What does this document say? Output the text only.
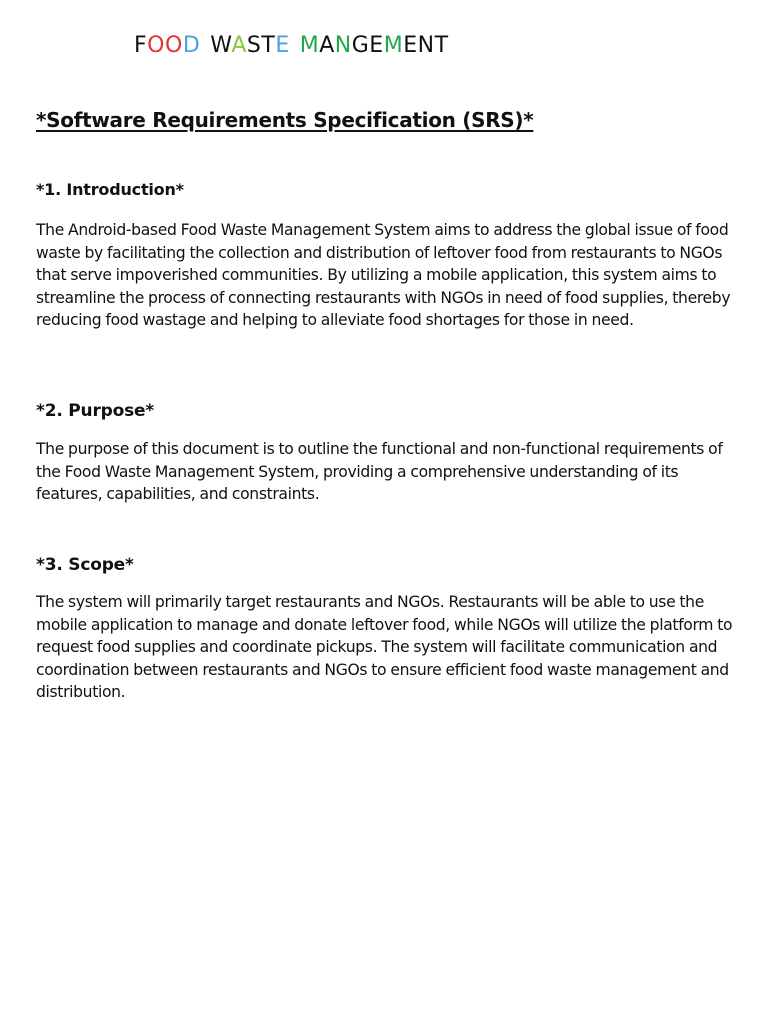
FOOD WASTE MANGEMENT
*Software Requirements Specification (SRS)*
*1. Introduction*

The Android-based Food Waste Management System aims to address the global issue of food waste by facilitating the collection and distribution of leftover food from restaurants to NGOs that serve impoverished communities. By utilizing a mobile application, this system aims to streamline the process of connecting restaurants with NGOs in need of food supplies, thereby reducing food wastage and helping to alleviate food shortages for those in need.

*2. Purpose*

The purpose of this document is to outline the functional and non-functional requirements of the Food Waste Management System, providing a comprehensive understanding of its features, capabilities, and constraints.

*3. Scope*

The system will primarily target restaurants and NGOs. Restaurants will be able to use the mobile application to manage and donate leftover food, while NGOs will utilize the platform to request food supplies and coordinate pickups. The system will facilitate communication and coordination between restaurants and NGOs to ensure efficient food waste management and distribution.
